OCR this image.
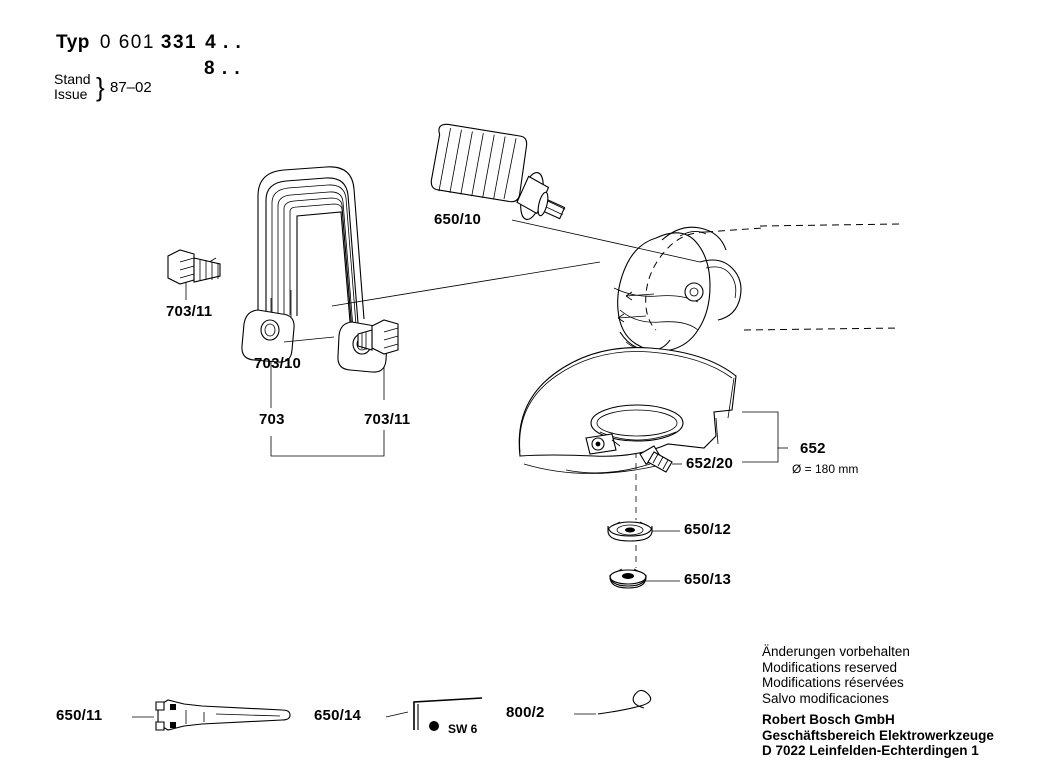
Typ 0 601 331 4 . .
8 . .
Stand
Issue } 87–02
650/10
703/11
703/10
703	703/11
652
652/20
650/12
650/13
650/11	650/14	800/2
Ø = 180 mm
SW 6
Änderungen vorbehalten
Modifications reserved
Modifications réservées
Salvo modificaciones
Robert Bosch GmbH
Geschäftsbereich Elektrowerkzeuge
D 7022 Leinfelden-Echterdingen 1
